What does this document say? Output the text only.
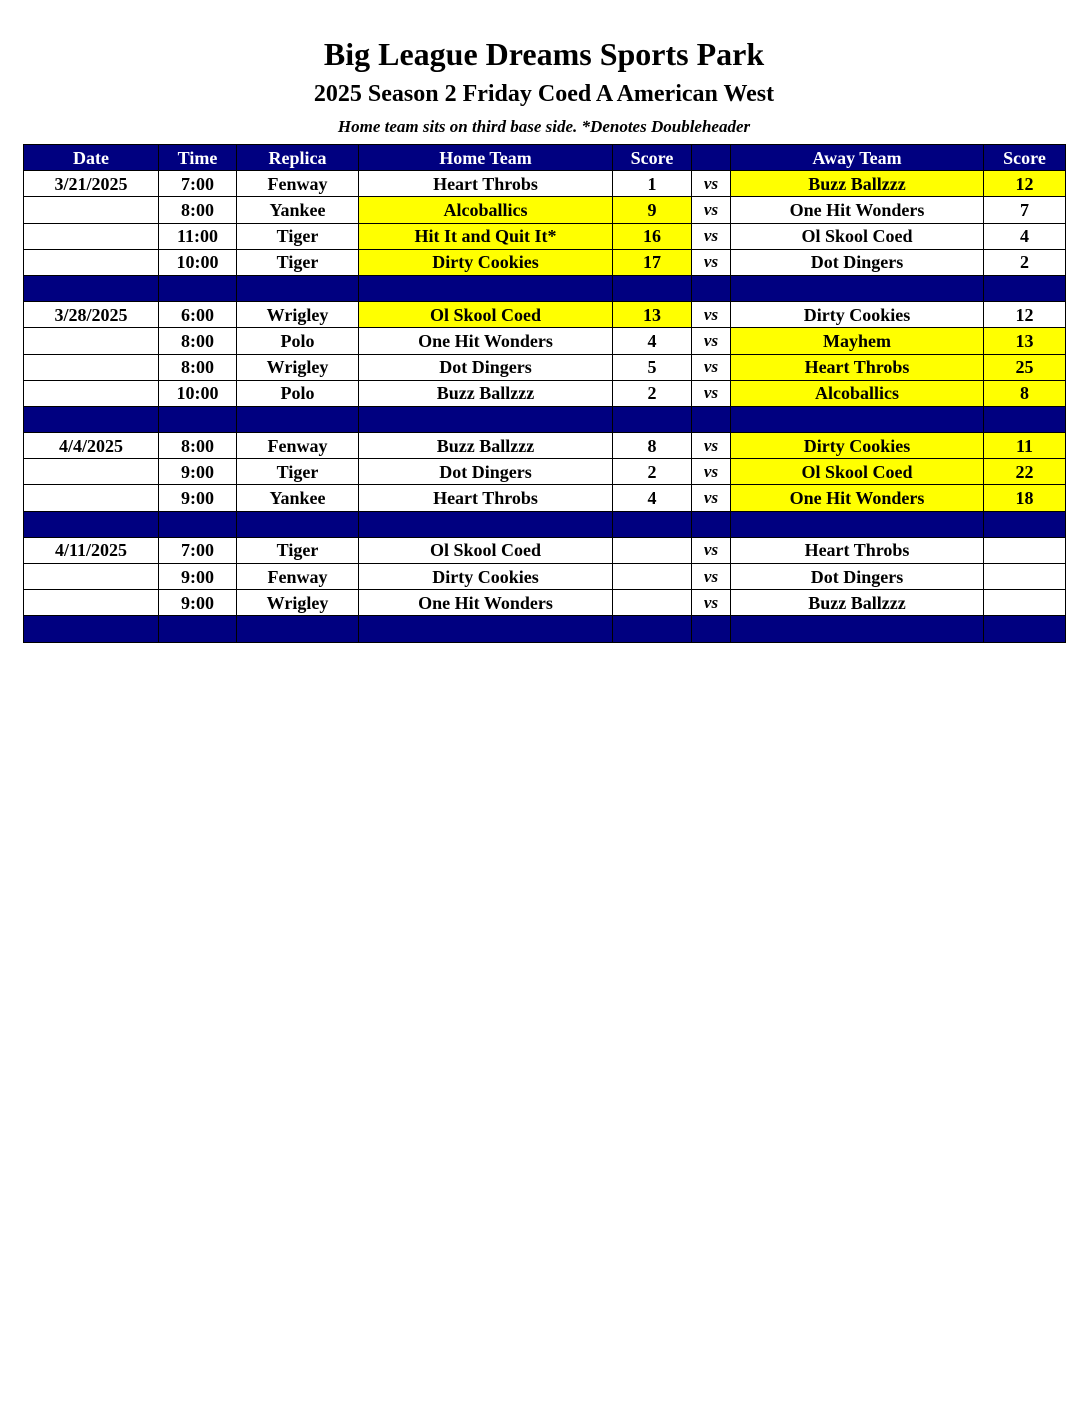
Big League Dreams Sports Park
2025 Season 2 Friday Coed A American West
Home team sits on third base side. *Denotes Doubleheader
Date	Time	Replica	Home Team	Score		Away Team	Score
3/21/2025	7:00	Fenway	Heart Throbs	1	vs	Buzz Ballzzz	12
	8:00	Yankee	Alcoballics	9	vs	One Hit Wonders	7
	11:00	Tiger	Hit It and Quit It*	16	vs	Ol Skool Coed	4
	10:00	Tiger	Dirty Cookies	17	vs	Dot Dingers	2

3/28/2025	6:00	Wrigley	Ol Skool Coed	13	vs	Dirty Cookies	12
	8:00	Polo	One Hit Wonders	4	vs	Mayhem	13
	8:00	Wrigley	Dot Dingers	5	vs	Heart Throbs	25
	10:00	Polo	Buzz Ballzzz	2	vs	Alcoballics	8

4/4/2025	8:00	Fenway	Buzz Ballzzz	8	vs	Dirty Cookies	11
	9:00	Tiger	Dot Dingers	2	vs	Ol Skool Coed	22
	9:00	Yankee	Heart Throbs	4	vs	One Hit Wonders	18

4/11/2025	7:00	Tiger	Ol Skool Coed		vs	Heart Throbs	
	9:00	Fenway	Dirty Cookies		vs	Dot Dingers	
	9:00	Wrigley	One Hit Wonders		vs	Buzz Ballzzz	
